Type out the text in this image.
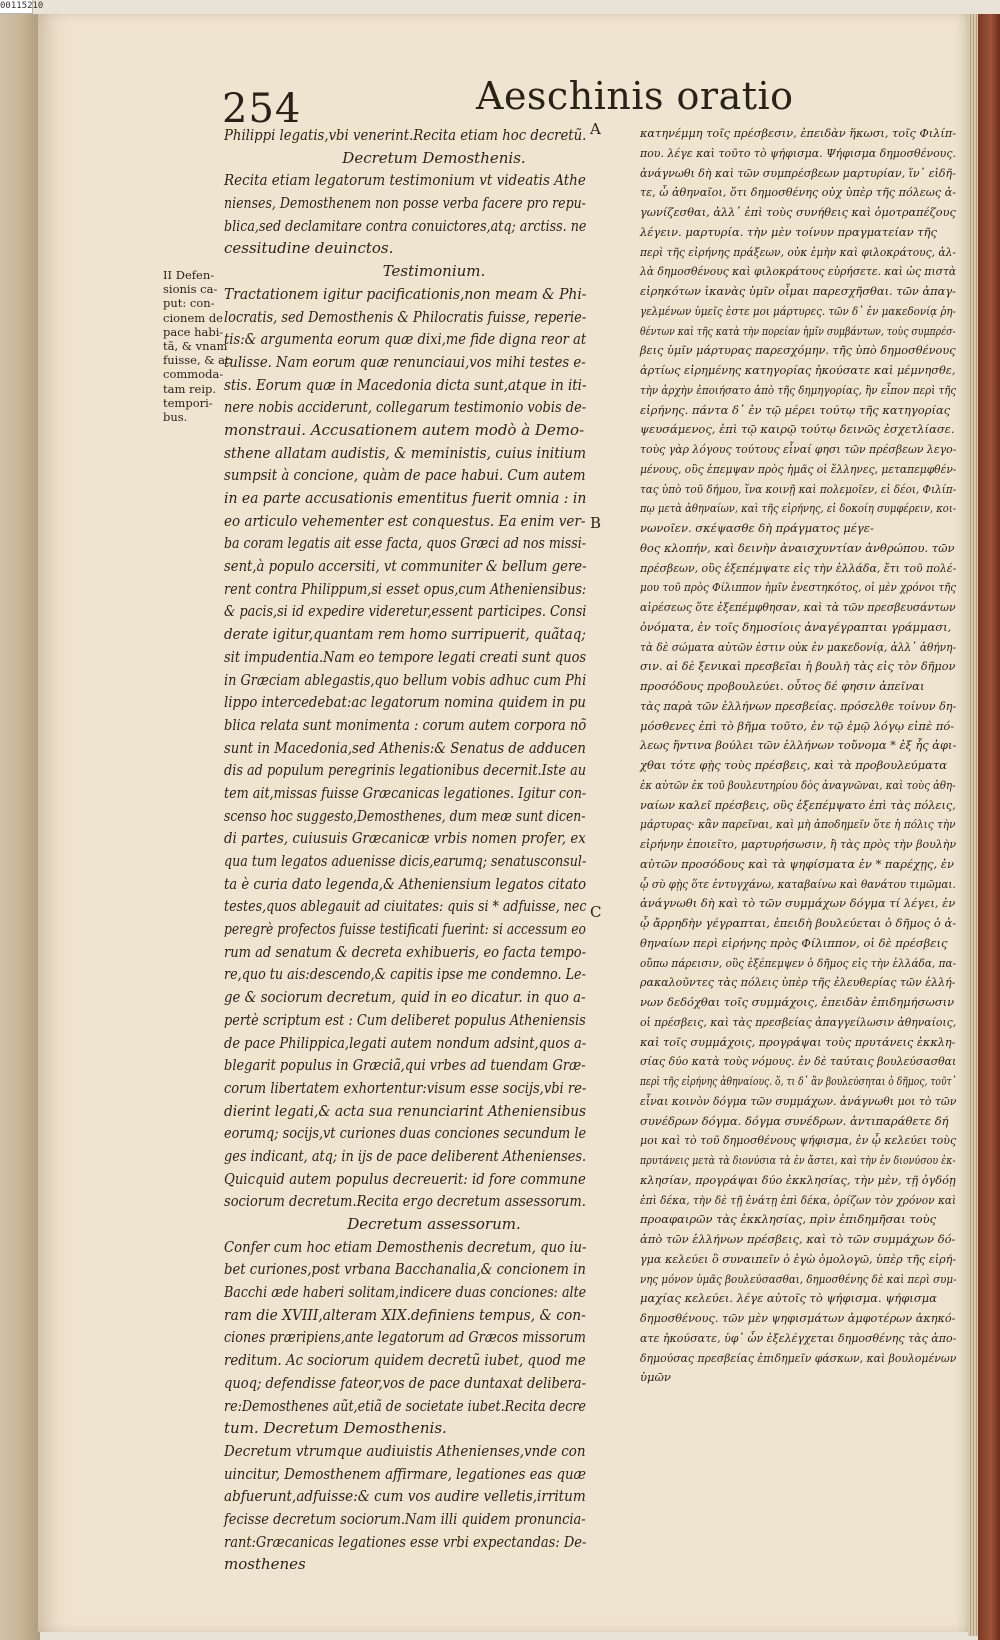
00115210
254	Aeschinis oratio
A
B
C
II Defen-
sionis ca-
put: con-
cionem de
pace habi-
tã, & vnam
fuisse, & ac
commoda-
tam reip.
tempori-
bus.
Philippi legatis,vbi venerint.Recita etiam hoc decretũ.
Decretum Demosthenis.
Recita etiam legatorum testimonium vt videatis Athe
nienses, Demosthenem non posse verba facere pro repu-
blica,sed declamitare contra conuictores,atq; arctiss. ne
cessitudine deuinctos.
Testimonium.
Tractationem igitur pacificationis,non meam & Phi-
locratis, sed Demosthenis & Philocratis fuisse, reperie-
tis:& argumenta eorum quæ dixi,me fide digna reor at
tulisse. Nam eorum quæ renunciaui,vos mihi testes e-
stis. Eorum quæ in Macedonia dicta sunt,atque in iti-
nere nobis acciderunt, collegarum testimonio vobis de-
monstraui. Accusationem autem modò à Demo-
sthene allatam audistis, & meministis, cuius initium
sumpsit à concione, quàm de pace habui. Cum autem
in ea parte accusationis ementitus fuerit omnia : in
eo articulo vehementer est conquestus. Ea enim ver-
ba coram legatis ait esse facta, quos Græci ad nos missi-
sent,à populo accersiti, vt communiter & bellum gere-
rent contra Philippum,si esset opus,cum Atheniensibus:
& pacis,si id expedire videretur,essent participes. Consi
derate igitur,quantam rem homo surripuerit, quãtaq;
sit impudentia.Nam eo tempore legati creati sunt quos
in Græciam ablegastis,quo bellum vobis adhuc cum Phi
lippo intercedebat:ac legatorum nomina quidem in pu
blica relata sunt monimenta : corum autem corpora nõ
sunt in Macedonia,sed Athenis:& Senatus de adducen
dis ad populum peregrinis legationibus decernit.Iste au
tem ait,missas fuisse Græcanicas legationes. Igitur con-
scenso hoc suggesto,Demosthenes, dum meæ sunt dicen-
di partes, cuiusuis Græcanicæ vrbis nomen profer, ex
qua tum legatos aduenisse dicis,earumq; senatusconsul-
ta è curia dato legenda,& Atheniensium legatos citato
testes,quos ablegauit ad ciuitates: quis si * adfuisse, nec
peregrè profectos fuisse testificati fuerint: si accessum eo
rum ad senatum & decreta exhibueris, eo facta tempo-
re,quo tu ais:descendo,& capitis ipse me condemno. Le-
ge & sociorum decretum, quid in eo dicatur. in quo a-
pertè scriptum est : Cum deliberet populus Atheniensis
de pace Philippica,legati autem nondum adsint,quos a-
blegarit populus in Græciã,qui vrbes ad tuendam Græ-
corum libertatem exhortentur:visum esse socijs,vbi re-
dierint legati,& acta sua renunciarint Atheniensibus
eorumq; socijs,vt curiones duas conciones secundum le
ges indicant, atq; in ijs de pace deliberent Athenienses.
Quicquid autem populus decreuerit: id fore commune
sociorum decretum.Recita ergo decretum assessorum.
Decretum assessorum.
Confer cum hoc etiam Demosthenis decretum, quo iu-
bet curiones,post vrbana Bacchanalia,& concionem in
Bacchi æde haberi solitam,indicere duas conciones: alte
ram die XVIII,alteram XIX.definiens tempus, & con-
ciones præripiens,ante legatorum ad Græcos missorum
reditum. Ac sociorum quidem decretũ iubet, quod me
quoq; defendisse fateor,vos de pace duntaxat delibera-
re:Demosthenes aũt,etiã de societate iubet.Recita decre
tum. Decretum Demosthenis.
Decretum vtrumque audiuistis Athenienses,vnde con
uincitur, Demosthenem affirmare, legationes eas quæ
abfuerunt,adfuisse:& cum vos audire velletis,irritum
fecisse decretum sociorum.Nam illi quidem pronuncia-
rant:Græcanicas legationes esse vrbi expectandas: De-
mosthenes
κατηνέμμη τοῖς πρέσβεσιν, ἐπειδὰν ἥκωσι, τοῖς Φιλίπ-
που. λέγε καὶ τοῦτο τὸ ψήφισμα. Ψήφισμα δημοσθένους.
ἀνάγνωθι δὴ καὶ τῶν συμπρέσβεων μαρτυρίαν, ἵν᾽ εἰδῆ-
τε, ὦ ἀθηναῖοι, ὅτι δημοσθένης οὐχ ὑπὲρ τῆς πόλεως ἀ-
γωνίζεσθαι, ἀλλ᾽ ἐπὶ τοὺς συνήθεις καὶ ὁμοτραπέζους
λέγειν. μαρτυρία. τὴν μὲν τοίνυν πραγματείαν τῆς
περὶ τῆς εἰρήνης πράξεων, οὐκ ἐμὴν καὶ φιλοκράτους, ἀλ-
λὰ δημοσθένους καὶ φιλοκράτους εὑρήσετε. καὶ ὡς πιστὰ
εἰρηκότων ἱκανὰς ὑμῖν οἶμαι παρεσχῆσθαι. τῶν ἀπαγ-
γελμένων ὑμεῖς ἐστε μοι μάρτυρες. τῶν δ᾽ ἐν μακεδονίᾳ ῥη-
θέντων καὶ τῆς κατὰ τὴν πορείαν ἡμῖν συμβάντων, τοὺς συμπρέσ-
βεις ὑμῖν μάρτυρας παρεσχόμην. τῆς ὑπὸ δημοσθένους
ἀρτίως εἰρημένης κατηγορίας ἠκούσατε καὶ μέμνησθε,
τὴν ἀρχὴν ἐποιήσατο ἀπὸ τῆς δημηγορίας, ἣν εἶπον περὶ τῆς
εἰρήνης. πάντα δ᾽ ἐν τῷ μέρει τούτῳ τῆς κατηγορίας
ψευσάμενος, ἐπὶ τῷ καιρῷ τούτῳ δεινῶς ἐσχετλίασε.
τοὺς γὰρ λόγους τούτους εἶναί φησι τῶν πρέσβεων λεγο-
μένους, οὓς ἐπεμψαν πρὸς ἡμᾶς οἱ ἕλληνες, μεταπεμφθέν-
τας ὑπὸ τοῦ δήμου, ἵνα κοινῇ καὶ πολεμοῖεν, εἰ δέοι, Φιλίπ-
πῳ μετὰ ἀθηναίων, καὶ τῆς εἰρήνης, εἰ δοκοίη συμφέρειν, κοι-
νωνοῖεν. σκέψασθε δὴ πράγματος μέγε-
θος κλοπήν, καὶ δεινὴν ἀναισχυντίαν ἀνθρώπου. τῶν
πρέσβεων, οὓς ἐξεπέμψατε εἰς τὴν ἑλλάδα, ἔτι τοῦ πολέ-
μου τοῦ πρὸς Φίλιππον ἡμῖν ἐνεστηκότος, οἱ μὲν χρόνοι τῆς
αἱρέσεως ὅτε ἐξεπέμφθησαν, καὶ τὰ τῶν πρεσβευσάντων
ὀνόματα, ἐν τοῖς δημοσίοις ἀναγέγραπται γράμμασι,
τὰ δὲ σώματα αὐτῶν ἐστιν οὐκ ἐν μακεδονίᾳ, ἀλλ᾽ ἀθήνη-
σιν. αἱ δὲ ξενικαὶ πρεσβεῖαι ἡ βουλὴ τὰς εἰς τὸν δῆμον
προσόδους προβουλεύει. οὗτος δέ φησιν ἀπεῖναι
τὰς παρὰ τῶν ἑλλήνων πρεσβείας. πρόσελθε τοίνυν δη-
μόσθενες ἐπὶ τὸ βῆμα τοῦτο, ἐν τῷ ἐμῷ λόγῳ εἰπὲ πό-
λεως ἥντινα βούλει τῶν ἑλλήνων τοὔνομα * ἐξ ἧς ἀφι-
χθαι τότε φῂς τοὺς πρέσβεις, καὶ τὰ προβουλεύματα
ἐκ αὐτῶν ἐκ τοῦ βουλευτηρίου δὸς ἀναγνῶναι, καὶ τοὺς ἀθη-
ναίων καλεῖ πρέσβεις, οὓς ἐξεπέμψατο ἐπὶ τὰς πόλεις,
μάρτυρας· κἂν παρεῖναι, καὶ μὴ ἀποδημεῖν ὅτε ἡ πόλις τὴν
εἰρήνην ἐποιεῖτο, μαρτυρήσωσιν, ἢ τὰς πρὸς τὴν βουλὴν
αὐτῶν προσόδους καὶ τὰ ψηφίσματα ἐν * παρέχῃς, ἐν
ᾧ σὺ φῂς ὅτε ἐντυγχάνω, καταβαίνω καὶ θανάτου τιμῶμαι.
ἀνάγνωθι δὴ καὶ τὸ τῶν συμμάχων δόγμα τί λέγει, ἐν
ᾧ ἄρρηδὴν γέγραπται, ἐπειδὴ βουλεύεται ὁ δῆμος ὁ ἀ-
θηναίων περὶ εἰρήνης πρὸς Φίλιππον, οἱ δὲ πρέσβεις
οὔπω πάρεισιν, οὓς ἐξέπεμψεν ὁ δῆμος εἰς τὴν ἑλλάδα, πα-
ρακαλοῦντες τὰς πόλεις ὑπὲρ τῆς ἐλευθερίας τῶν ἑλλή-
νων δεδόχθαι τοῖς συμμάχοις, ἐπειδὰν ἐπιδημήσωσιν
οἱ πρέσβεις, καὶ τὰς πρεσβείας ἀπαγγείλωσιν ἀθηναίοις,
καὶ τοῖς συμμάχοις, προγράψαι τοὺς πρυτάνεις ἐκκλη-
σίας δύο κατὰ τοὺς νόμους. ἐν δὲ ταύταις βουλεύσασθαι
περὶ τῆς εἰρήνης ἀθηναίους. ὅ, τι δ᾽ ἂν βουλεύσηται ὁ δῆμος, τοῦτ᾽
εἶναι κοινὸν δόγμα τῶν συμμάχων. ἀνάγνωθι μοι τὸ τῶν
συνέδρων δόγμα. δόγμα συνέδρων. ἀντιπαράθετε δή
μοι καὶ τὸ τοῦ δημοσθένους ψήφισμα, ἐν ᾧ κελεύει τοὺς
πρυτάνεις μετὰ τὰ διονύσια τὰ ἐν ἄστει, καὶ τὴν ἐν διονύσου ἐκ-
κλησίαν, προγράψαι δύο ἐκκλησίας, τὴν μὲν, τῇ ὀγδόῃ
ἐπὶ δέκα, τὴν δὲ τῇ ἐνάτῃ ἐπὶ δέκα, ὁρίζων τὸν χρόνον καὶ
προαφαιρῶν τὰς ἐκκλησίας, πρὶν ἐπιδημῆσαι τοὺς
ἀπὸ τῶν ἑλλήνων πρέσβεις, καὶ τὸ τῶν συμμάχων δό-
γμα κελεύει ὃ συναιπεῖν ὁ ἐγὼ ὁμολογῶ, ὑπὲρ τῆς εἰρή-
νης μόνον ὑμᾶς βουλεύσασθαι, δημοσθένης δὲ καὶ περὶ συμ-
μαχίας κελεύει. λέγε αὐτοῖς τὸ ψήφισμα. ψήφισμα
δημοσθένους. τῶν μὲν ψηφισμάτων ἀμφοτέρων ἀκηκό-
ατε ἠκούσατε, ὑφ᾽ ὧν ἐξελέγχεται δημοσθένης τὰς ἀπο-
δημούσας πρεσβείας ἐπιδημεῖν φάσκων, καὶ βουλομένων
ὑμῶν
